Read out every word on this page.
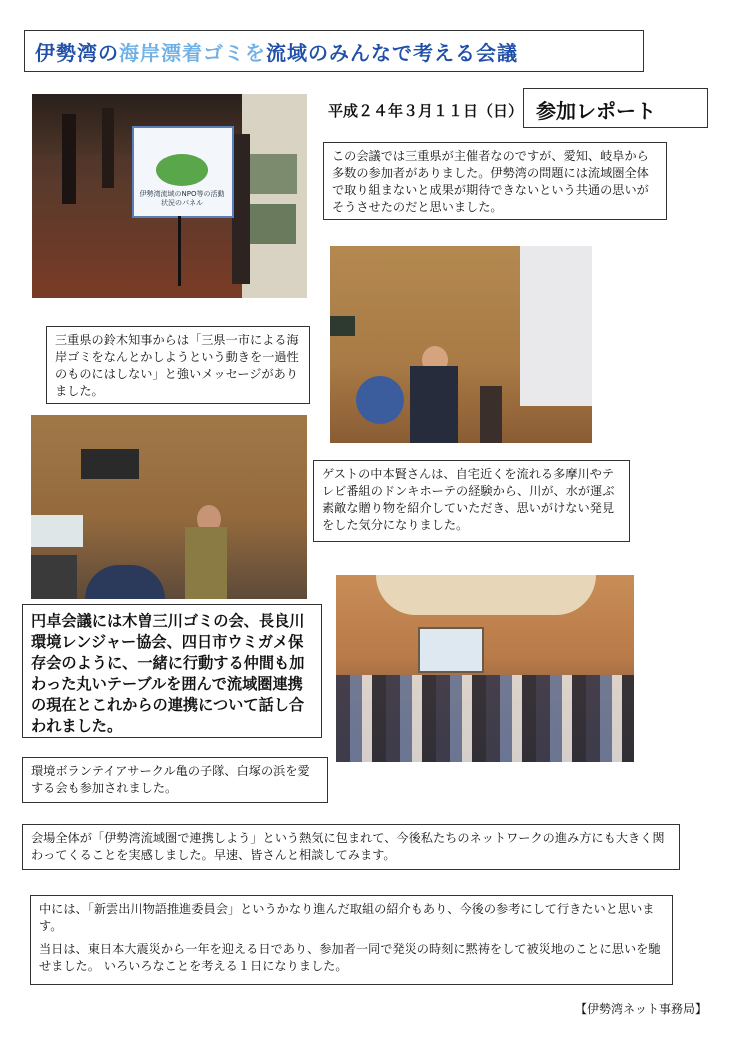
伊勢湾の海岸漂着ゴミを流域のみんなで考える会議
伊勢湾流域のNPO等の活動状況のパネル
平成２４年３月１１日（日） 参加レポート
この会議では三重県が主催者なのですが、愛知、岐阜から多数の参加者がありました。伊勢湾の問題には流域圏全体で取り組まないと成果が期待できないという共通の思いがそうさせたのだと思いました。
三重県の鈴木知事からは「三県一市による海岸ゴミをなんとかしようという動きを一過性のものにはしない」と強いメッセージがありました。
ゲストの中本賢さんは、自宅近くを流れる多摩川やテレビ番組のドンキホーテの経験から、川が、水が運ぶ素敵な贈り物を紹介していただき、思いがけない発見をした気分になりました。
円卓会議には木曽三川ゴミの会、長良川環境レンジャー協会、四日市ウミガメ保存会のように、一緒に行動する仲間も加わった丸いテーブルを囲んで流域圏連携の現在とこれからの連携について話し合われました。
環境ボランテイアサークル亀の子隊、白塚の浜を愛する会も参加されました。
会場全体が「伊勢湾流域圏で連携しよう」という熱気に包まれて、今後私たちのネットワークの進み方にも大きく関わってくることを実感しました。早速、皆さんと相談してみます。
中には、「新雲出川物語推進委員会」というかなり進んだ取組の紹介もあり、今後の参考にして行きたいと思います。
当日は、東日本大震災から一年を迎える日であり、参加者一同で発災の時刻に黙祷をして被災地のことに思いを馳せました。 いろいろなことを考える１日になりました。
【伊勢湾ネット事務局】
